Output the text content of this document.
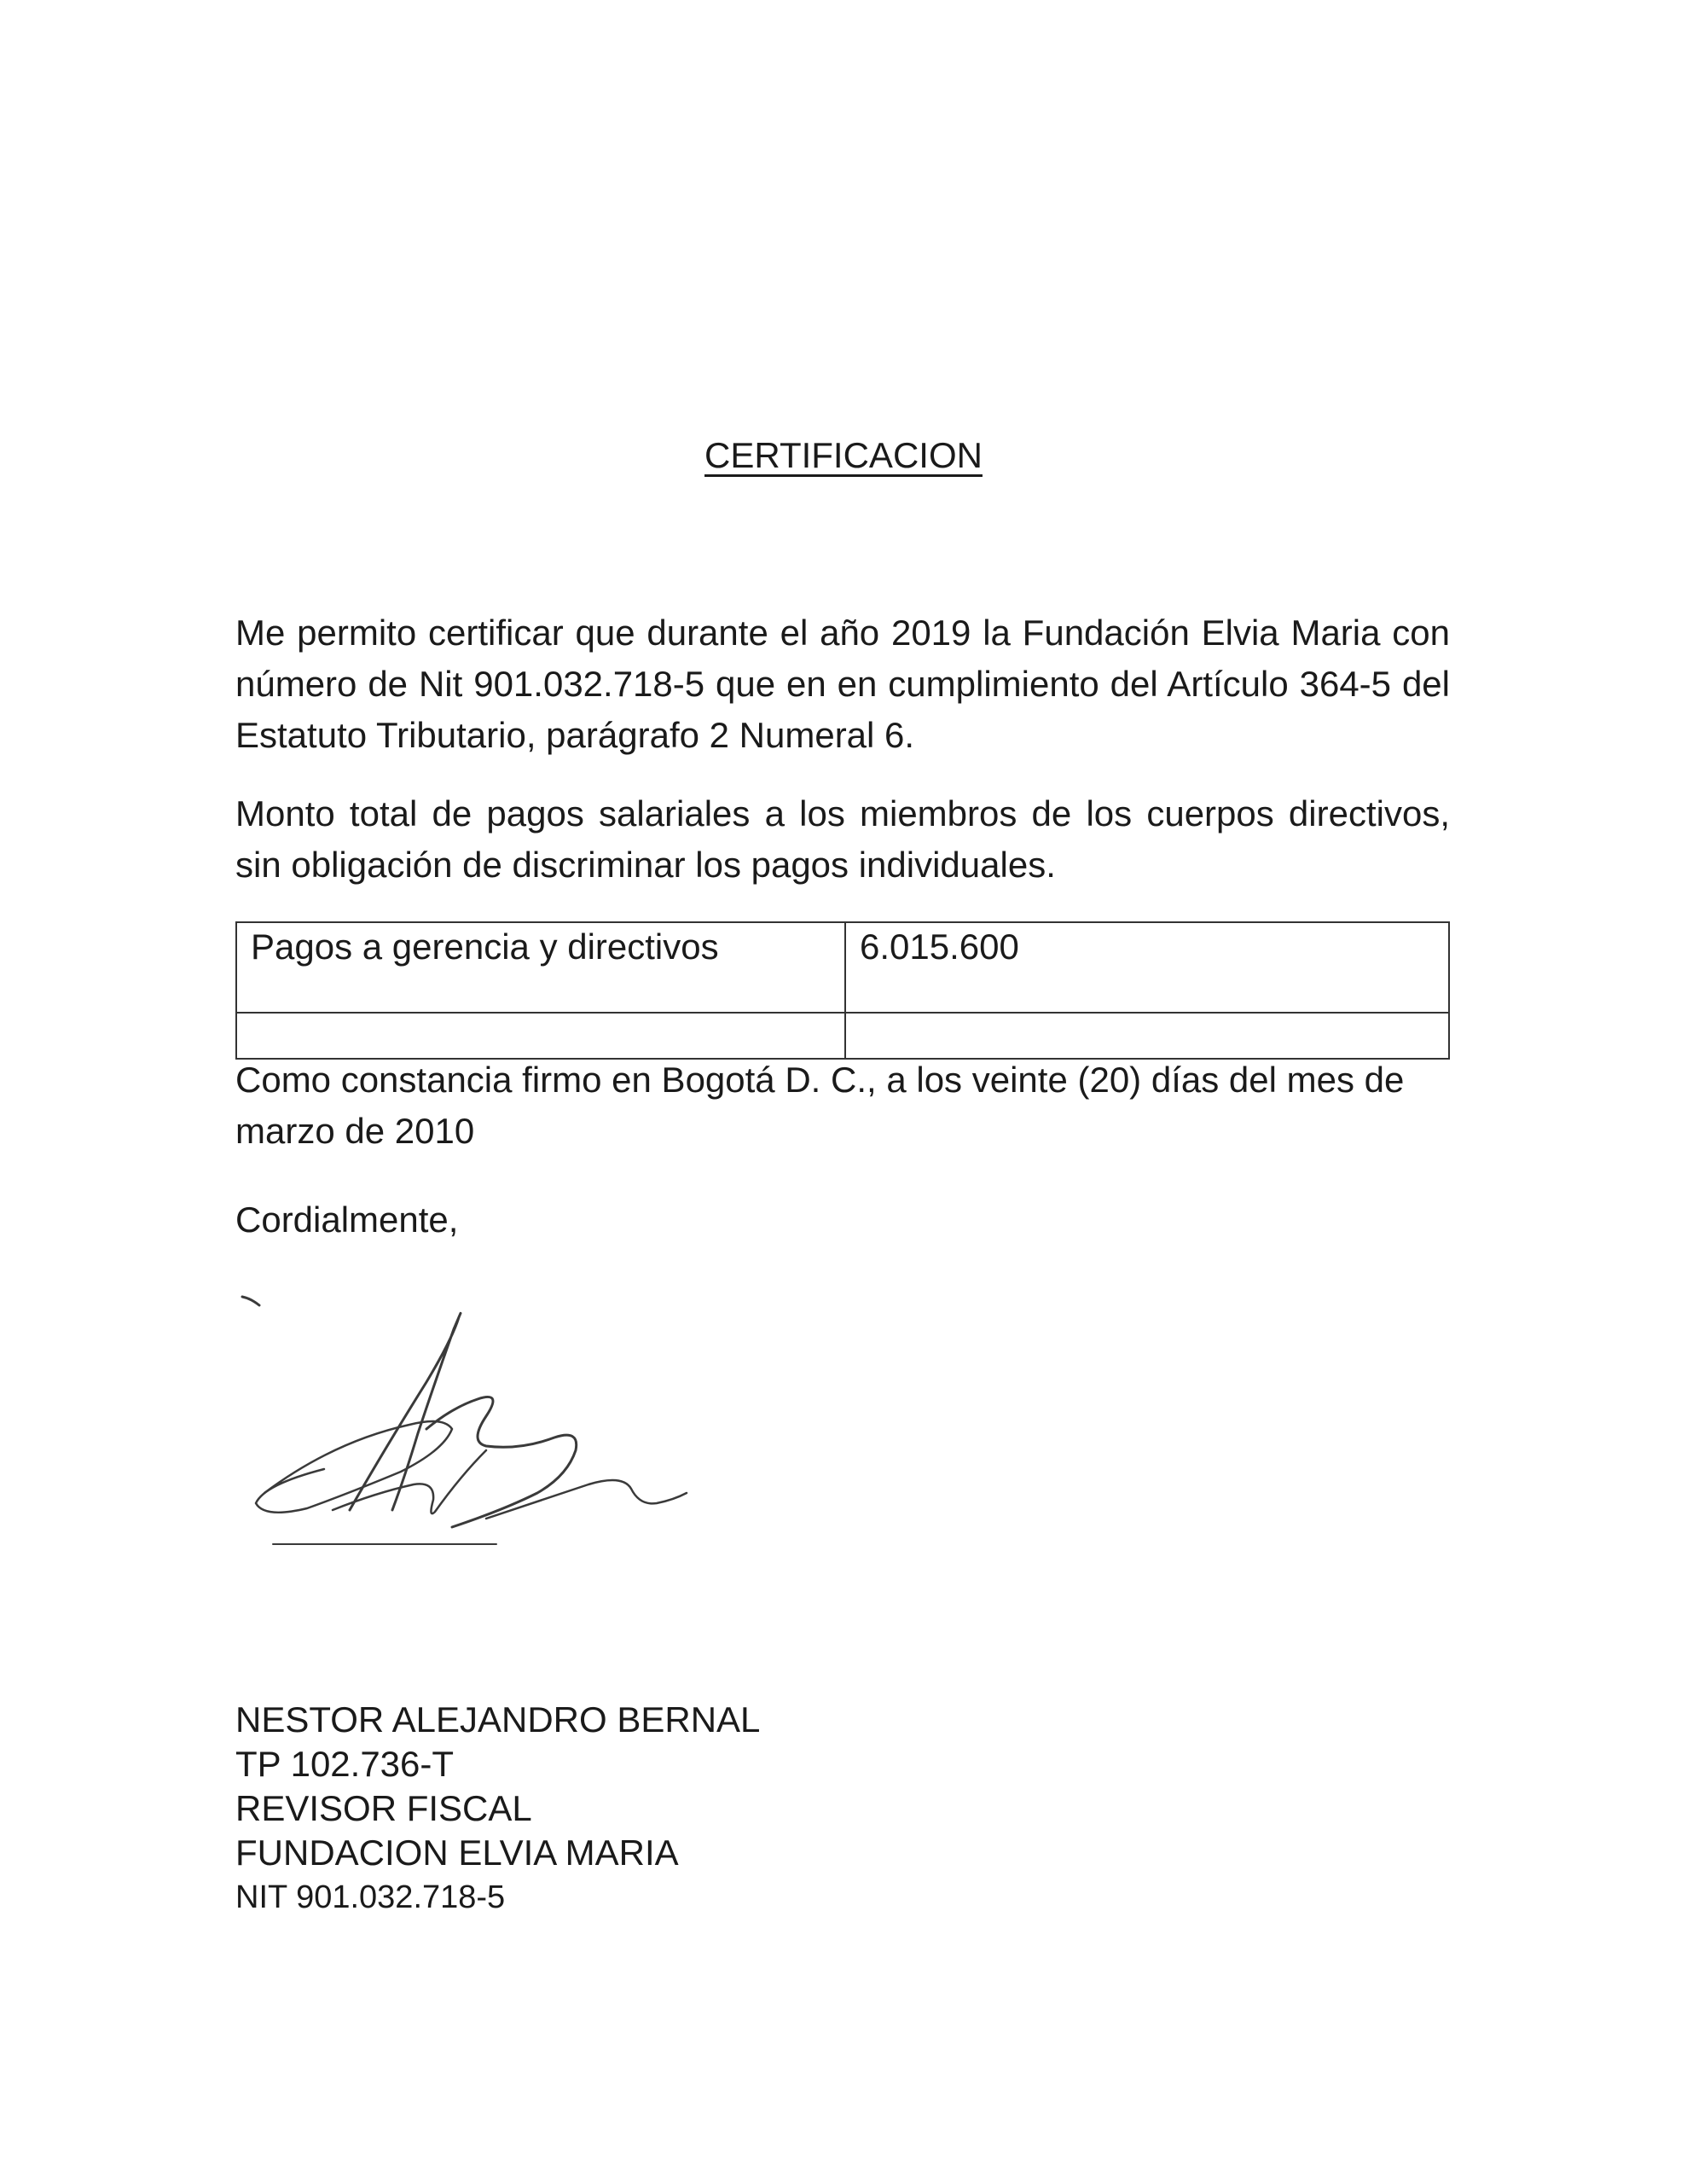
CERTIFICACION

Me permito certificar que durante el año 2019 la Fundación Elvia Maria con número de Nit 901.032.718-5 que en en cumplimiento del Artículo 364-5 del Estatuto Tributario, parágrafo 2 Numeral 6.

Monto total de pagos salariales a los miembros de los cuerpos directivos, sin obligación de discriminar los pagos individuales.

Pagos a gerencia y directivos	6.015.600

Como constancia firmo en Bogotá D. C., a los veinte (20) días del mes de marzo de 2010

Cordialmente,

NESTOR ALEJANDRO BERNAL
TP 102.736-T
REVISOR FISCAL
FUNDACION ELVIA MARIA
NIT 901.032.718-5
